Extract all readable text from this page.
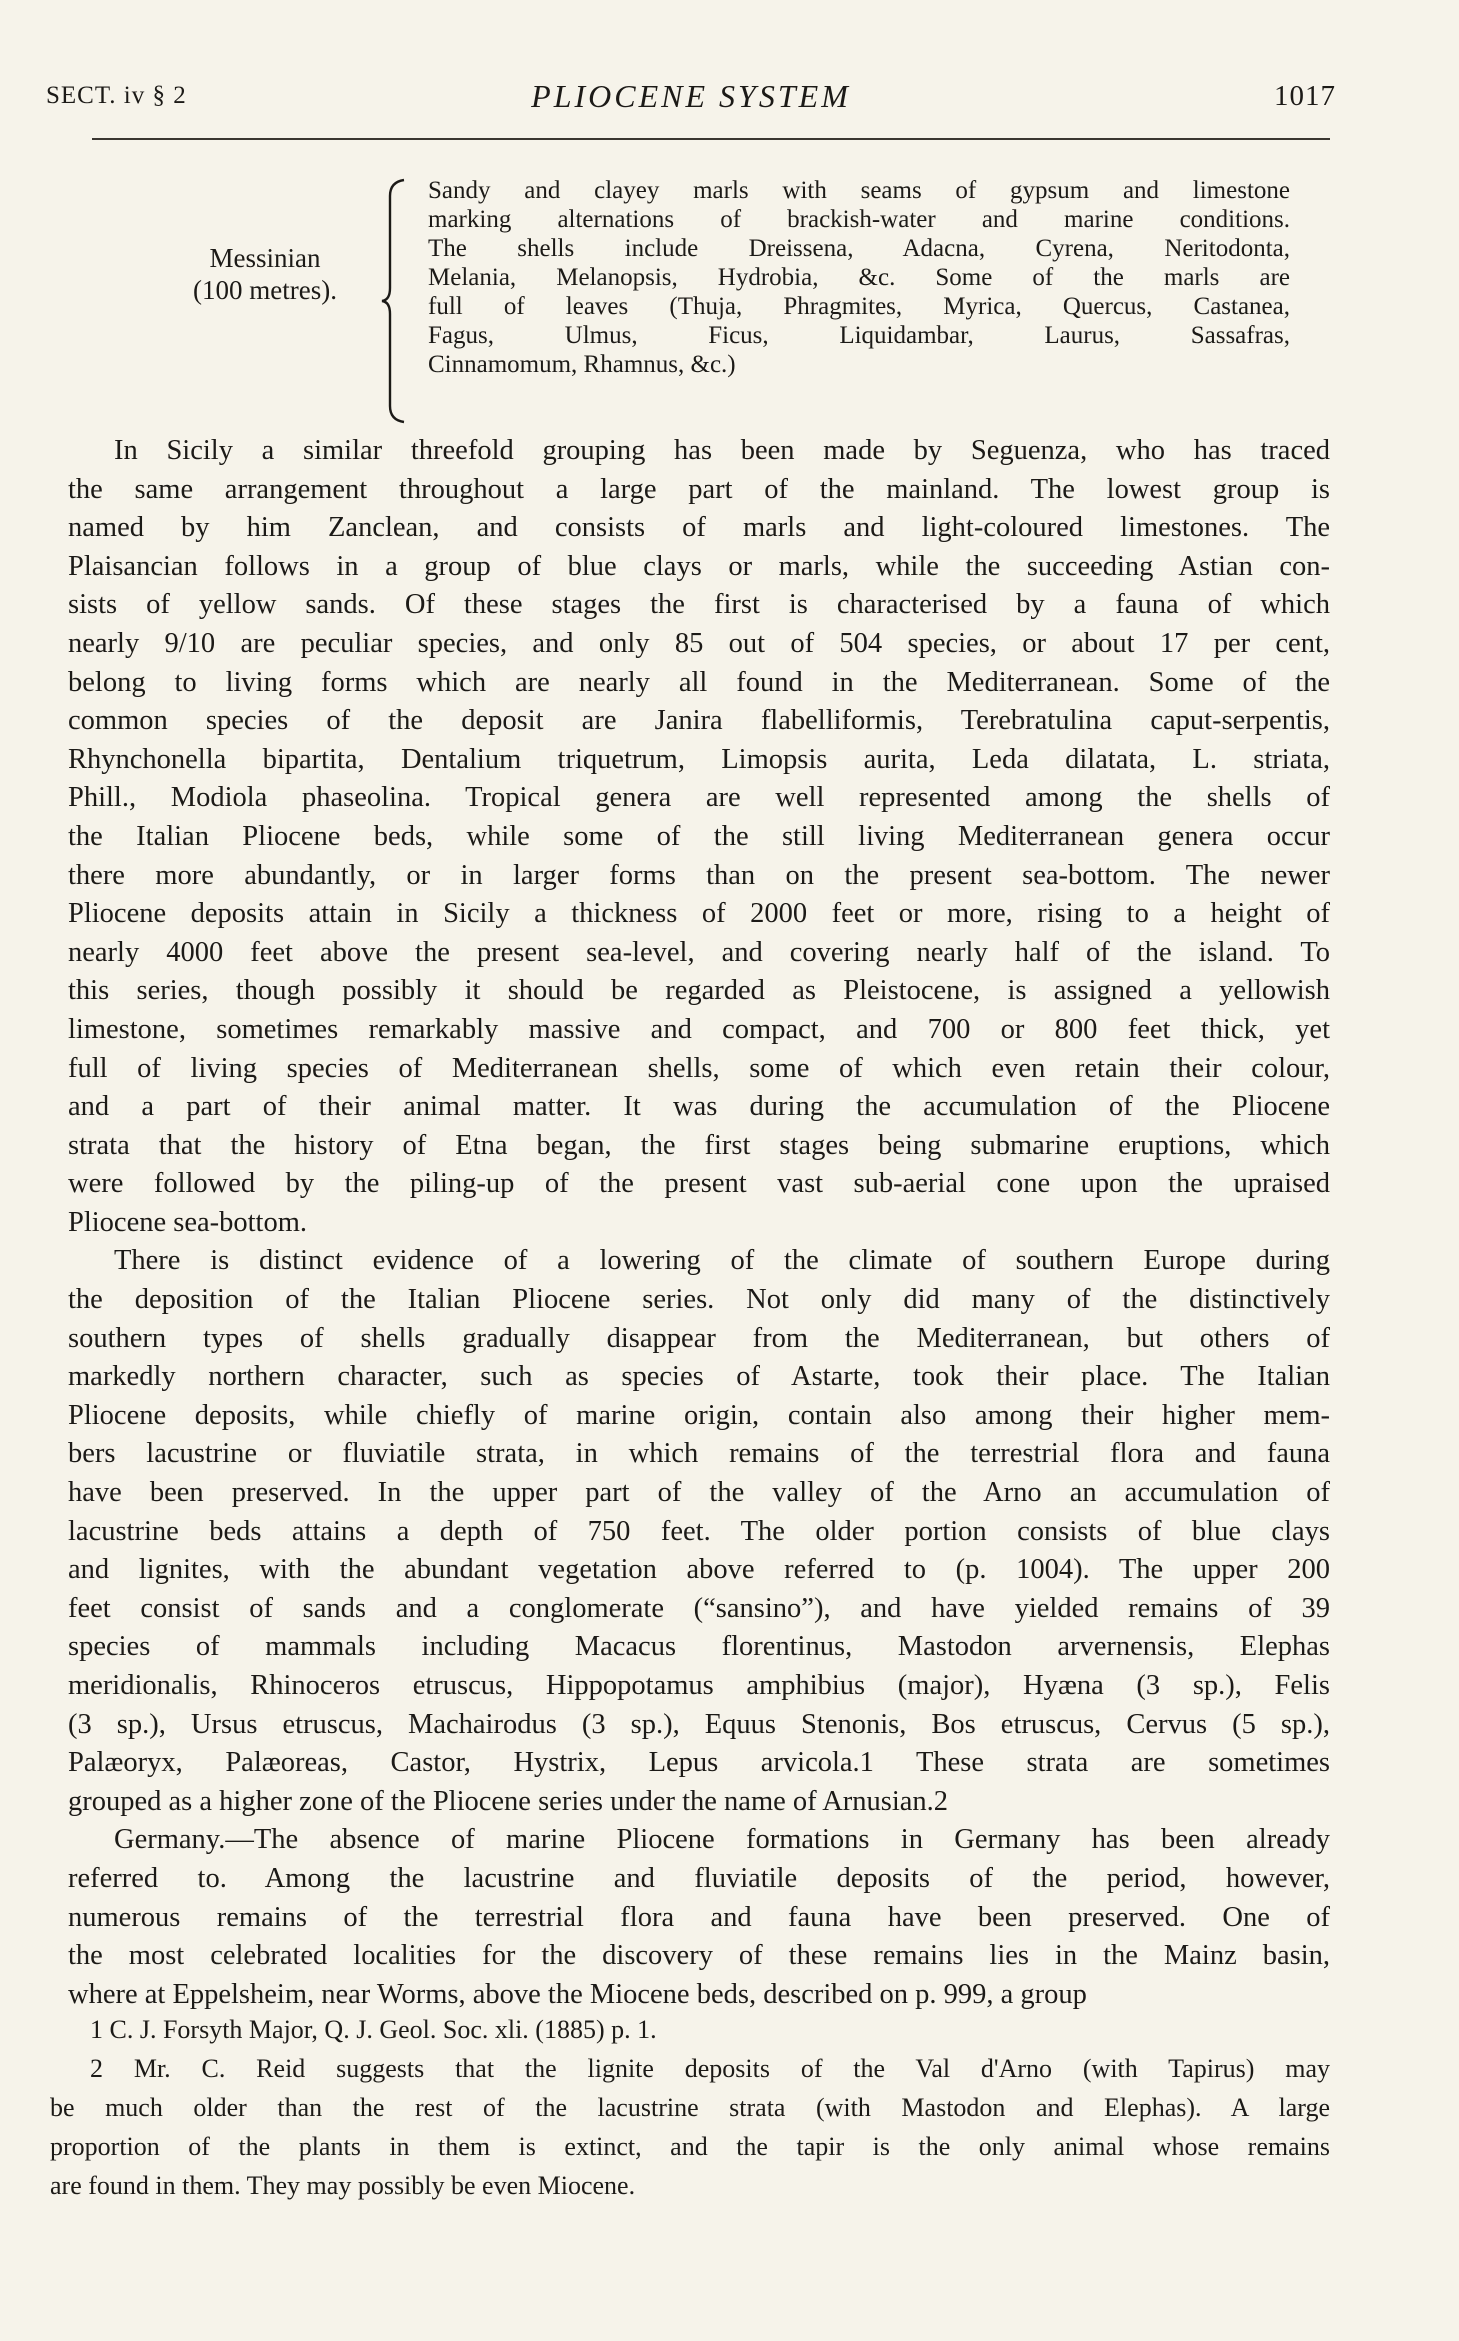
SECT. iv § 2	PLIOCENE SYSTEM	1017
Messinian
(100 metres).
Sandy and clayey marls with seams of gypsum and limestone
marking alternations of brackish-water and marine conditions.
The shells include Dreissena, Adacna, Cyrena, Neritodonta,
Melania, Melanopsis, Hydrobia, &c. Some of the marls are
full of leaves (Thuja, Phragmites, Myrica, Quercus, Castanea,
Fagus, Ulmus, Ficus, Liquidambar, Laurus, Sassafras,
Cinnamomum, Rhamnus, &c.)
In Sicily a similar threefold grouping has been made by Seguenza, who has traced
the same arrangement throughout a large part of the mainland. The lowest group is
named by him Zanclean, and consists of marls and light-coloured limestones. The
Plaisancian follows in a group of blue clays or marls, while the succeeding Astian con-
sists of yellow sands. Of these stages the first is characterised by a fauna of which
nearly 9/10 are peculiar species, and only 85 out of 504 species, or about 17 per cent,
belong to living forms which are nearly all found in the Mediterranean. Some of the
common species of the deposit are Janira flabelliformis, Terebratulina caput-serpentis,
Rhynchonella bipartita, Dentalium triquetrum, Limopsis aurita, Leda dilatata, L. striata,
Phill., Modiola phaseolina. Tropical genera are well represented among the shells of
the Italian Pliocene beds, while some of the still living Mediterranean genera occur
there more abundantly, or in larger forms than on the present sea-bottom. The newer
Pliocene deposits attain in Sicily a thickness of 2000 feet or more, rising to a height of
nearly 4000 feet above the present sea-level, and covering nearly half of the island. To
this series, though possibly it should be regarded as Pleistocene, is assigned a yellowish
limestone, sometimes remarkably massive and compact, and 700 or 800 feet thick, yet
full of living species of Mediterranean shells, some of which even retain their colour,
and a part of their animal matter. It was during the accumulation of the Pliocene
strata that the history of Etna began, the first stages being submarine eruptions, which
were followed by the piling-up of the present vast sub-aerial cone upon the upraised
Pliocene sea-bottom.
There is distinct evidence of a lowering of the climate of southern Europe during
the deposition of the Italian Pliocene series. Not only did many of the distinctively
southern types of shells gradually disappear from the Mediterranean, but others of
markedly northern character, such as species of Astarte, took their place. The Italian
Pliocene deposits, while chiefly of marine origin, contain also among their higher mem-
bers lacustrine or fluviatile strata, in which remains of the terrestrial flora and fauna
have been preserved. In the upper part of the valley of the Arno an accumulation of
lacustrine beds attains a depth of 750 feet. The older portion consists of blue clays
and lignites, with the abundant vegetation above referred to (p. 1004). The upper 200
feet consist of sands and a conglomerate (“sansino”), and have yielded remains of 39
species of mammals including Macacus florentinus, Mastodon arvernensis, Elephas
meridionalis, Rhinoceros etruscus, Hippopotamus amphibius (major), Hyæna (3 sp.), Felis
(3 sp.), Ursus etruscus, Machairodus (3 sp.), Equus Stenonis, Bos etruscus, Cervus (5 sp.),
Palæoryx, Palæoreas, Castor, Hystrix, Lepus arvicola.1 These strata are sometimes
grouped as a higher zone of the Pliocene series under the name of Arnusian.2
Germany.—The absence of marine Pliocene formations in Germany has been already
referred to. Among the lacustrine and fluviatile deposits of the period, however,
numerous remains of the terrestrial flora and fauna have been preserved. One of
the most celebrated localities for the discovery of these remains lies in the Mainz basin,
where at Eppelsheim, near Worms, above the Miocene beds, described on p. 999, a group
1 C. J. Forsyth Major, Q. J. Geol. Soc. xli. (1885) p. 1.
2 Mr. C. Reid suggests that the lignite deposits of the Val d'Arno (with Tapirus) may
be much older than the rest of the lacustrine strata (with Mastodon and Elephas). A large
proportion of the plants in them is extinct, and the tapir is the only animal whose remains
are found in them. They may possibly be even Miocene.
